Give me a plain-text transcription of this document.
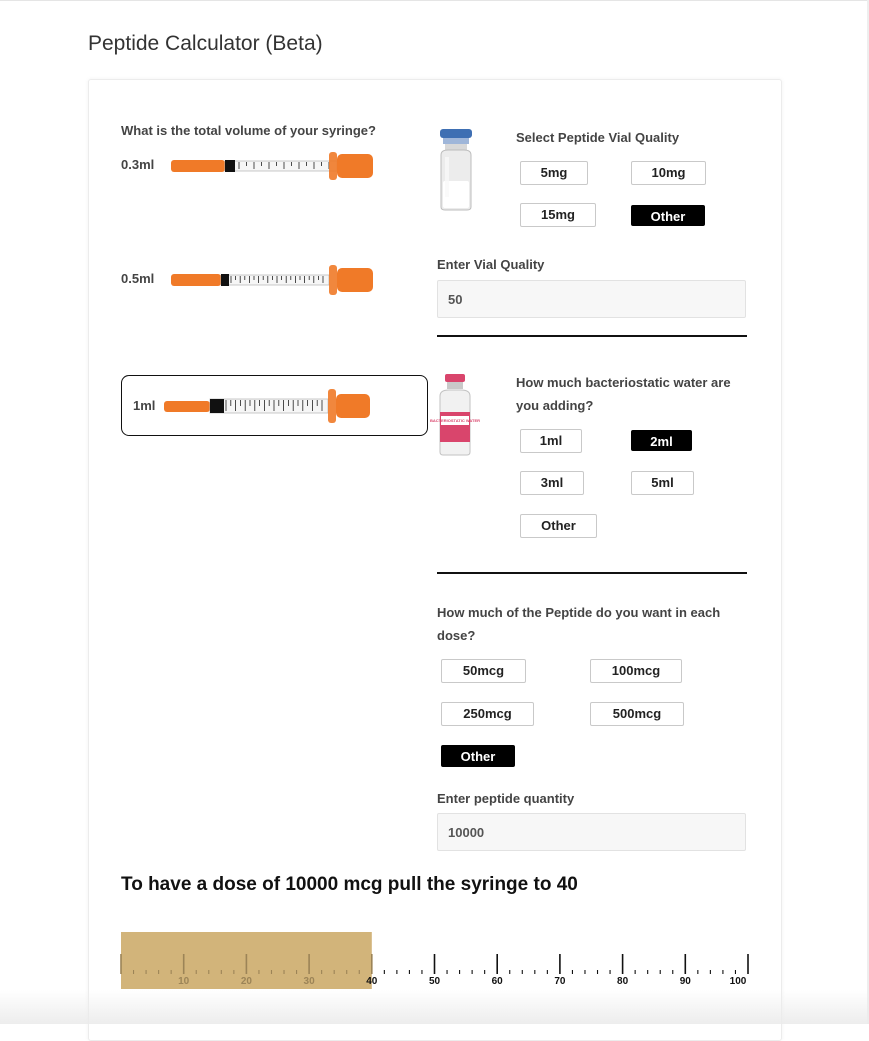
Peptide Calculator (Beta)
What is the total volume of your syringe?
0.3ml
0.5ml
1ml
Select Peptide Vial Quality
5mg	10mg
15mg	Other
Enter Vial Quality
50
BACTERIOSTATIC WATER
How much bacteriostatic water are you adding?
1ml	2ml
3ml	5ml
Other
How much of the Peptide do you want in each dose?
50mcg	100mcg
250mcg	500mcg
Other
Enter peptide quantity
10000
To have a dose of 10000 mcg pull the syringe to 40
10	20	30	40	50	60	70	80	90	100
